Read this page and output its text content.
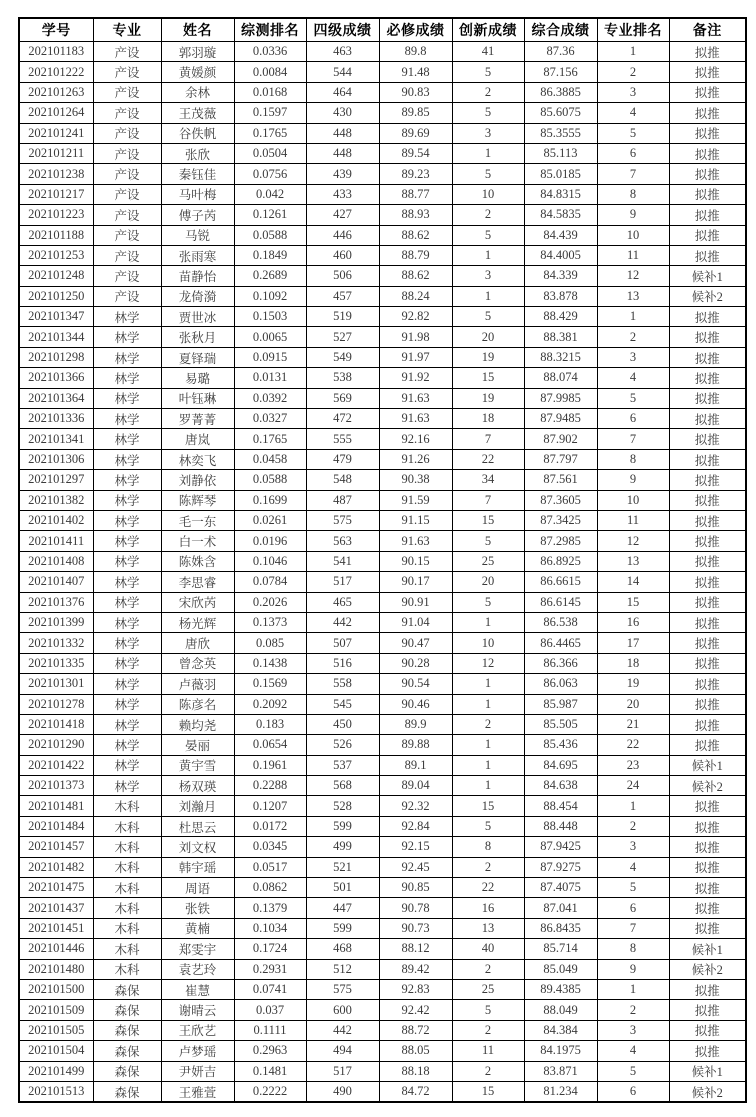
学号	专业	姓名	综测排名	四级成绩	必修成绩	创新成绩	综合成绩	专业排名	备注
202101183	产设	郭羽璇	0.0336	463	89.8	41	87.36	1	拟推
202101222	产设	黄媛颜	0.0084	544	91.48	5	87.156	2	拟推
202101263	产设	余林	0.0168	464	90.83	2	86.3885	3	拟推
202101264	产设	王茂薇	0.1597	430	89.85	5	85.6075	4	拟推
202101241	产设	谷佚帆	0.1765	448	89.69	3	85.3555	5	拟推
202101211	产设	张欣	0.0504	448	89.54	1	85.113	6	拟推
202101238	产设	秦钰佳	0.0756	439	89.23	5	85.0185	7	拟推
202101217	产设	马叶梅	0.042	433	88.77	10	84.8315	8	拟推
202101223	产设	傅子芮	0.1261	427	88.93	2	84.5835	9	拟推
202101188	产设	马锐	0.0588	446	88.62	5	84.439	10	拟推
202101253	产设	张雨寒	0.1849	460	88.79	1	84.4005	11	拟推
202101248	产设	苗静怡	0.2689	506	88.62	3	84.339	12	候补1
202101250	产设	龙倚漪	0.1092	457	88.24	1	83.878	13	候补2
202101347	林学	贾世冰	0.1503	519	92.82	5	88.429	1	拟推
202101344	林学	张秋月	0.0065	527	91.98	20	88.381	2	拟推
202101298	林学	夏铎瑞	0.0915	549	91.97	19	88.3215	3	拟推
202101366	林学	易璐	0.0131	538	91.92	15	88.074	4	拟推
202101364	林学	叶钰琳	0.0392	569	91.63	19	87.9985	5	拟推
202101336	林学	罗菁菁	0.0327	472	91.63	18	87.9485	6	拟推
202101341	林学	唐岚	0.1765	555	92.16	7	87.902	7	拟推
202101306	林学	林奕飞	0.0458	479	91.26	22	87.797	8	拟推
202101297	林学	刘静依	0.0588	548	90.38	34	87.561	9	拟推
202101382	林学	陈辉琴	0.1699	487	91.59	7	87.3605	10	拟推
202101402	林学	毛一东	0.0261	575	91.15	15	87.3425	11	拟推
202101411	林学	白一术	0.0196	563	91.63	5	87.2985	12	拟推
202101408	林学	陈姝含	0.1046	541	90.15	25	86.8925	13	拟推
202101407	林学	李思睿	0.0784	517	90.17	20	86.6615	14	拟推
202101376	林学	宋欣芮	0.2026	465	90.91	5	86.6145	15	拟推
202101399	林学	杨光辉	0.1373	442	91.04	1	86.538	16	拟推
202101332	林学	唐欣	0.085	507	90.47	10	86.4465	17	拟推
202101335	林学	曾念英	0.1438	516	90.28	12	86.366	18	拟推
202101301	林学	卢薇羽	0.1569	558	90.54	1	86.063	19	拟推
202101278	林学	陈彦名	0.2092	545	90.46	1	85.987	20	拟推
202101418	林学	赖均尧	0.183	450	89.9	2	85.505	21	拟推
202101290	林学	晏丽	0.0654	526	89.88	1	85.436	22	拟推
202101422	林学	黄宇雪	0.1961	537	89.1	1	84.695	23	候补1
202101373	林学	杨双瑛	0.2288	568	89.04	1	84.638	24	候补2
202101481	木科	刘瀚月	0.1207	528	92.32	15	88.454	1	拟推
202101484	木科	杜思云	0.0172	599	92.84	5	88.448	2	拟推
202101457	木科	刘文权	0.0345	499	92.15	8	87.9425	3	拟推
202101482	木科	韩宇瑶	0.0517	521	92.45	2	87.9275	4	拟推
202101475	木科	周语	0.0862	501	90.85	22	87.4075	5	拟推
202101437	木科	张铁	0.1379	447	90.78	16	87.041	6	拟推
202101451	木科	黄楠	0.1034	599	90.73	13	86.8435	7	拟推
202101446	木科	郑雯宇	0.1724	468	88.12	40	85.714	8	候补1
202101480	木科	袁艺玲	0.2931	512	89.42	2	85.049	9	候补2
202101500	森保	崔慧	0.0741	575	92.83	25	89.4385	1	拟推
202101509	森保	谢晴云	0.037	600	92.42	5	88.049	2	拟推
202101505	森保	王欣艺	0.1111	442	88.72	2	84.384	3	拟推
202101504	森保	卢梦瑶	0.2963	494	88.05	11	84.1975	4	拟推
202101499	森保	尹妍吉	0.1481	517	88.18	2	83.871	5	候补1
202101513	森保	王雅萱	0.2222	490	84.72	15	81.234	6	候补2
